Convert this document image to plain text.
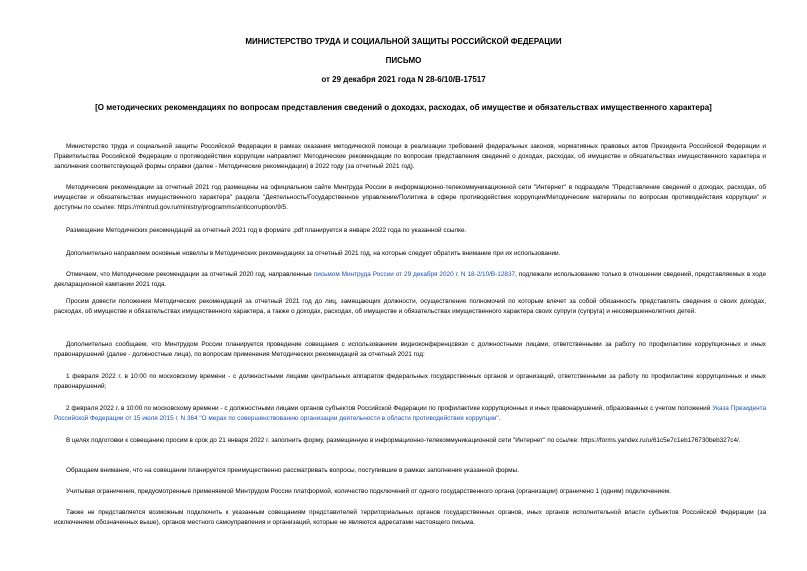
МИНИСТЕРСТВО ТРУДА И СОЦИАЛЬНОЙ ЗАЩИТЫ РОССИЙСКОЙ ФЕДЕРАЦИИ
ПИСЬМО
от 29 декабря 2021 года N 28-6/10/В-17517
[О методических рекомендациях по вопросам представления сведений о доходах, расходах, об имуществе и обязательствах имущественного характера]
Министерство труда и социальной защиты Российской Федерации в рамках оказания методической помощи в реализации требований федеральных законов, нормативных правовых актов Президента Российской Федерации и Правительства Российской Федерации о противодействии коррупции направляет Методические рекомендации по вопросам представления сведений о доходах, расходах, об имуществе и обязательствах имущественного характера и заполнения соответствующей формы справки (далее - Методические рекомендации) в 2022 году (за отчетный 2021 год).
Методические рекомендации за отчетный 2021 год размещены на официальном сайте Минтруда России в информационно-телекоммуникационной сети "Интернет" в подразделе "Представление сведений о доходах, расходах, об имуществе и обязательствах имущественного характера" раздела "Деятельность/Государственное управление/Политика в сфере противодействия коррупции/Методические материалы по вопросам противодействия коррупции" и доступны по ссылке: https://mintrud.gov.ru/ministry/programms/anticorruption/9/5.
Размещение Методических рекомендаций за отчетный 2021 год в формате .pdf планируется в январе 2022 года по указанной ссылке.
Дополнительно направляем основные новеллы в Методических рекомендациях за отчетный 2021 год, на которые следует обратить внимание при их использовании.
Отмечаем, что Методические рекомендации за отчетный 2020 год, направленные письмом Минтруда России от 29 декабря 2020 г. N 18-2/10/В-12837, подлежали использованию только в отношении сведений, представляемых в ходе декларационной кампании 2021 года.
Просим довести положения Методических рекомендаций за отчетный 2021 год до лиц, замещающих должности, осуществление полномочий по которым влечет за собой обязанность представлять сведения о своих доходах, расходах, об имуществе и обязательствах имущественного характера, а также о доходах, расходах, об имуществе и обязательствах имущественного характера своих супруги (супруга) и несовершеннолетних детей.
Дополнительно сообщаем, что Минтрудом России планируется проведение совещания с использованием видеоконференцсвязи с должностными лицами, ответственными за работу по профилактике коррупционных и иных правонарушений (далее - должностные лица), по вопросам применения Методических рекомендаций за отчетный 2021 год:
1 февраля 2022 г. в 10:00 по московскому времени - с должностными лицами центральных аппаратов федеральных государственных органов и организаций, ответственными за работу по профилактике коррупционных и иных правонарушений;
2 февраля 2022 г. в 10:00 по московскому времени - с должностными лицами органов субъектов Российской Федерации по профилактике коррупционных и иных правонарушений, образованных с учетом положений Указа Президента Российской Федерации от 15 июля 2015 г. N 364 "О мерах по совершенствованию организации деятельности в области противодействия коррупции".
В целях подготовки к совещанию просим в срок до 21 января 2022 г. заполнить форму, размещенную в информационно-телекоммуникационной сети "Интернет" по ссылке: https://forms.yandex.ru/u/61c5e7c1eb176730beb327c4/.
Обращаем внимание, что на совещании планируется преимущественно рассматривать вопросы, поступившие в рамках заполнения указанной формы.
Учитывая ограничения, предусмотренные применяемой Минтрудом России платформой, количество подключений от одного государственного органа (организации) ограничено 1 (одним) подключением.
Также не представляется возможным подключить к указанным совещаниям представителей территориальных органов государственных органов, иных органов исполнительной власти субъектов Российской Федерации (за исключением обозначенных выше), органов местного самоуправления и организаций, которые не являются адресатами настоящего письма.
